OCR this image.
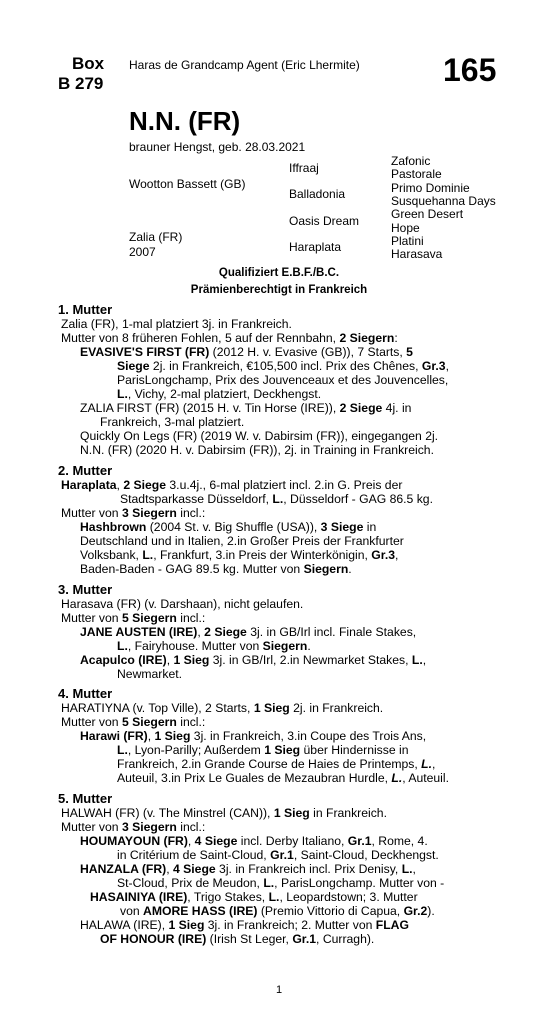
Box
B 279
Haras de Grandcamp Agent (Eric Lhermite)	165
N.N. (FR)
brauner Hengst, geb. 28.03.2021
Wootton Bassett (GB)
Zalia (FR)
2007
Iffraaj
Balladonia
Oasis Dream
Haraplata
Zafonic
Pastorale
Primo Dominie
Susquehanna Days
Green Desert
Hope
Platini
Harasava
Qualifiziert E.B.F./B.C.
Prämienberechtigt in Frankreich
1. Mutter
Zalia (FR), 1-mal platziert 3j. in Frankreich.
Mutter von 8 früheren Fohlen, 5 auf der Rennbahn, 2 Siegern:
EVASIVE'S FIRST (FR) (2012 H. v. Evasive (GB)), 7 Starts, 5
Siege 2j. in Frankreich, €105,500 incl. Prix des Chênes, Gr.3,
ParisLongchamp, Prix des Jouvenceaux et des Jouvencelles,
L., Vichy, 2-mal platziert, Deckhengst.
ZALIA FIRST (FR) (2015 H. v. Tin Horse (IRE)), 2 Siege 4j. in
Frankreich, 3-mal platziert.
Quickly On Legs (FR) (2019 W. v. Dabirsim (FR)), eingegangen 2j.
N.N. (FR) (2020 H. v. Dabirsim (FR)), 2j. in Training in Frankreich.
2. Mutter
Haraplata, 2 Siege 3.u.4j., 6-mal platziert incl. 2.in G. Preis der
Stadtsparkasse Düsseldorf, L., Düsseldorf - GAG 86.5 kg.
Mutter von 3 Siegern incl.:
Hashbrown (2004 St. v. Big Shuffle (USA)), 3 Siege in
Deutschland und in Italien, 2.in Großer Preis der Frankfurter
Volksbank, L., Frankfurt, 3.in Preis der Winterkönigin, Gr.3,
Baden-Baden - GAG 89.5 kg. Mutter von Siegern.
3. Mutter
Harasava (FR) (v. Darshaan), nicht gelaufen.
Mutter von 5 Siegern incl.:
JANE AUSTEN (IRE), 2 Siege 3j. in GB/Irl incl. Finale Stakes,
L., Fairyhouse. Mutter von Siegern.
Acapulco (IRE), 1 Sieg 3j. in GB/Irl, 2.in Newmarket Stakes, L.,
Newmarket.
4. Mutter
HARATIYNA (v. Top Ville), 2 Starts, 1 Sieg 2j. in Frankreich.
Mutter von 5 Siegern incl.:
Harawi (FR), 1 Sieg 3j. in Frankreich, 3.in Coupe des Trois Ans,
L., Lyon-Parilly; Außerdem 1 Sieg über Hindernisse in
Frankreich, 2.in Grande Course de Haies de Printemps, L.,
Auteuil, 3.in Prix Le Guales de Mezaubran Hurdle, L., Auteuil.
5. Mutter
HALWAH (FR) (v. The Minstrel (CAN)), 1 Sieg in Frankreich.
Mutter von 3 Siegern incl.:
HOUMAYOUN (FR), 4 Siege incl. Derby Italiano, Gr.1, Rome, 4.
in Critérium de Saint-Cloud, Gr.1, Saint-Cloud, Deckhengst.
HANZALA (FR), 4 Siege 3j. in Frankreich incl. Prix Denisy, L.,
St-Cloud, Prix de Meudon, L., ParisLongchamp. Mutter von -
HASAINIYA (IRE), Trigo Stakes, L., Leopardstown; 3. Mutter
von AMORE HASS (IRE) (Premio Vittorio di Capua, Gr.2).
HALAWA (IRE), 1 Sieg 3j. in Frankreich; 2. Mutter von FLAG
OF HONOUR (IRE) (Irish St Leger, Gr.1, Curragh).
1
